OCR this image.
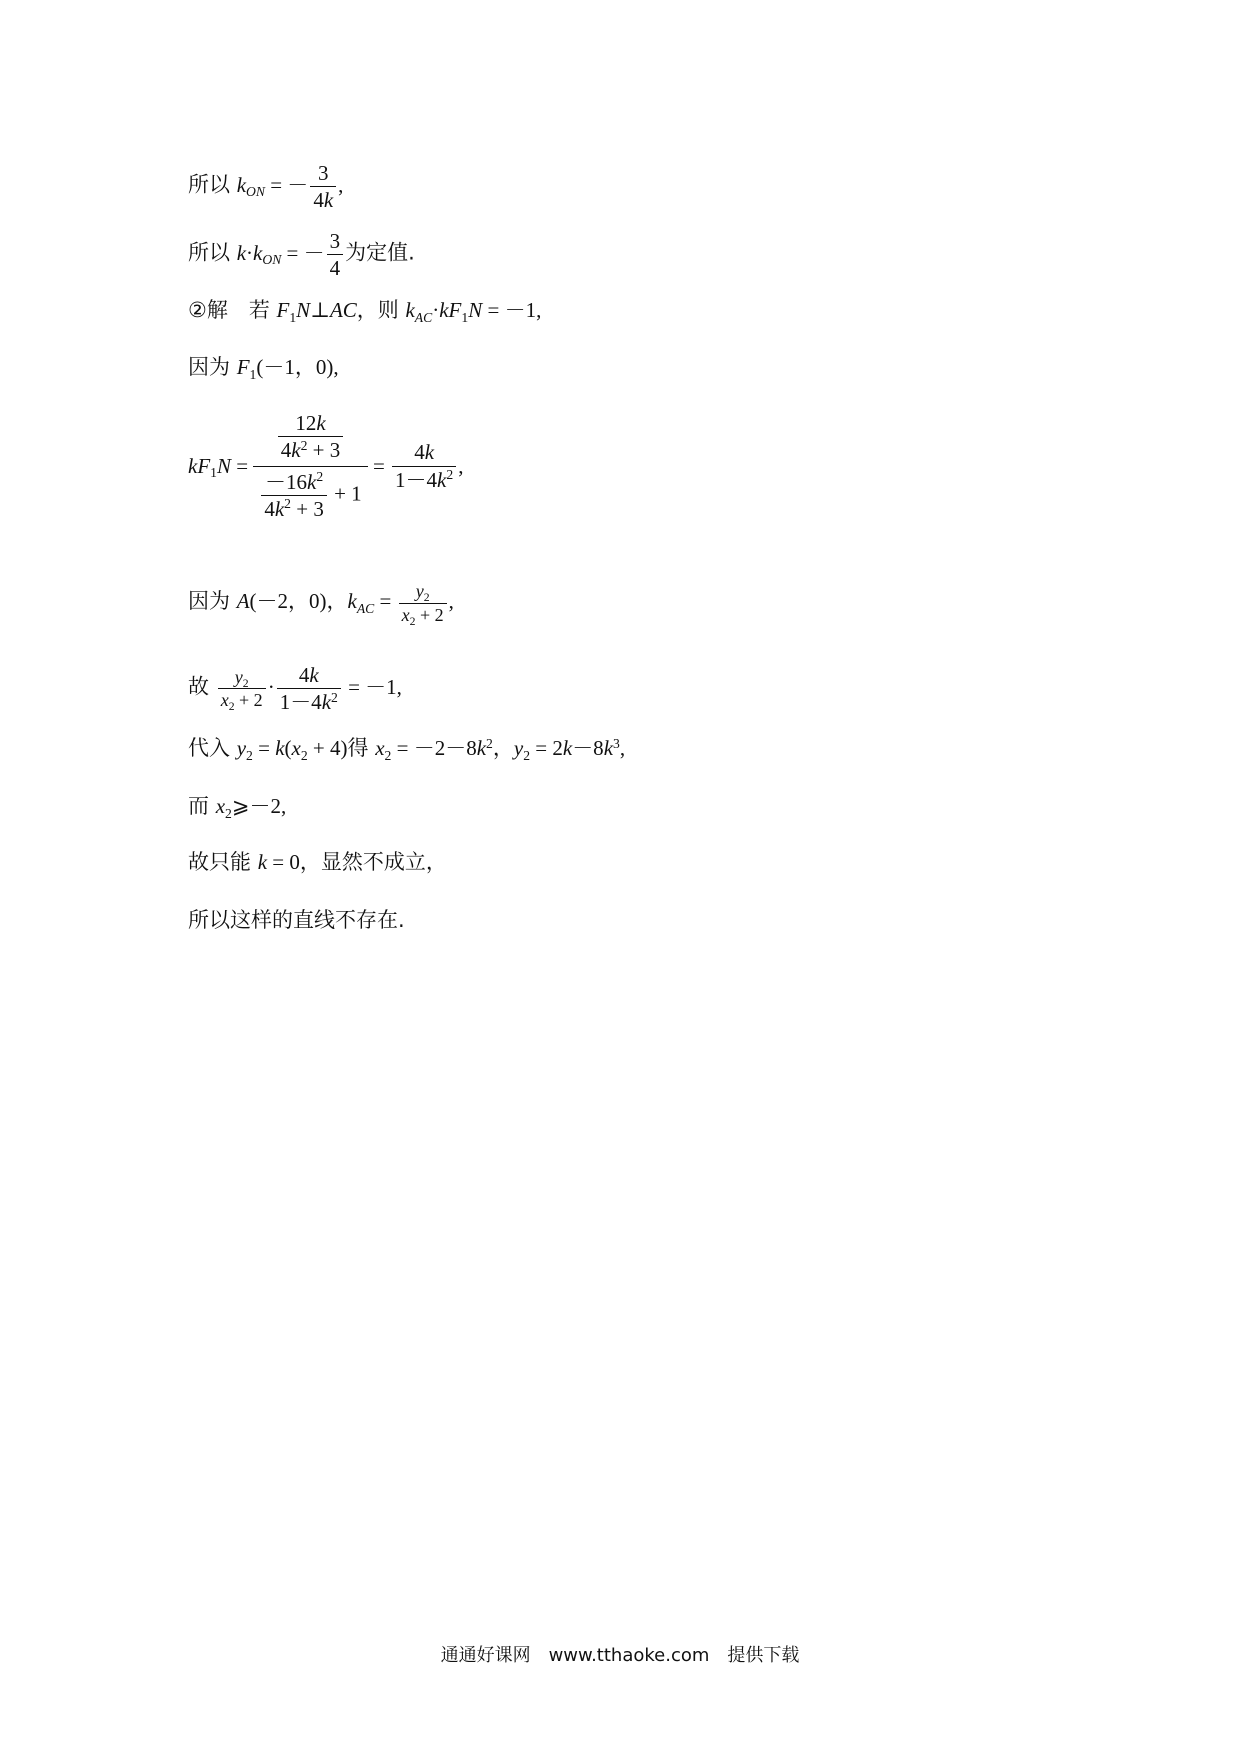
所以 $k_{ON}$ = － $\frac{3}{4k}$ ,
所以 $k\cdot k_{ON}$ = － $\frac{3}{4}$ 为定值.
②解　若 $F_1N\perp AC$，则 $k_{AC}\cdot kF_1N = -1$,
因为 $F_1(-1$，0),
$kF_1N = \frac{\frac{12k}{4k^2 + 3}}{\frac{-16k^2}{4k^2 + 3} + 1} = \frac{4k}{1-4k^2}$ ,
因为 A(－2，0)，$k_{AC} = \frac{y_2}{x_2 + 2}$ ,
故 $\frac{y_2}{x_2 + 2} \cdot \frac{4k}{1-4k^2} = -1$,
代入 $y_2 = k(x_2 + 4)$得 $x_2 = -2-8k^2$，$y_2 = 2k-8k^3$,
而 $x_2⩾-2$,
故只能 k = 0，显然不成立，
所以这样的直线不存在.
通通好课网　www.tthaoke.com　提供下载
